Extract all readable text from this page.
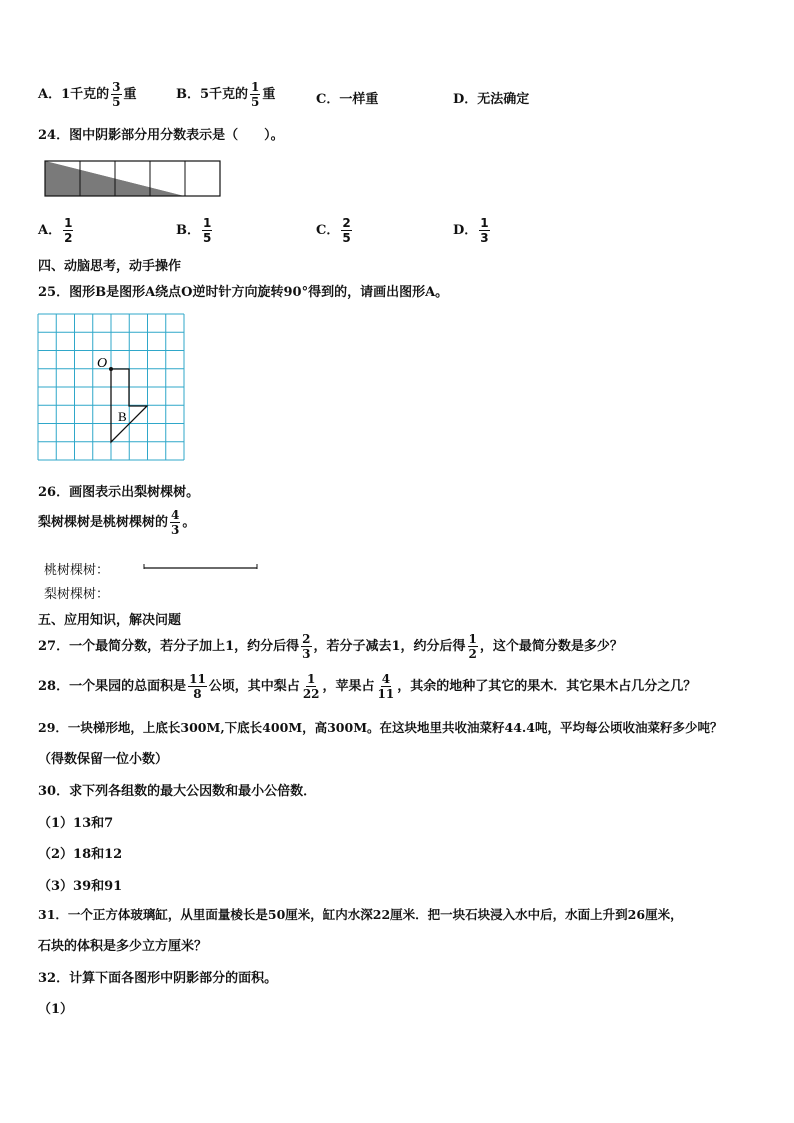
A．1千克的 $\frac{3}{5}$ 重	B．5千克的 $\frac{1}{5}$ 重	C．一样重	D．无法确定
24．图中阴影部分用分数表示是（　　）。
A． $\frac{1}{2}$	B． $\frac{1}{5}$	C． $\frac{2}{5}$	D． $\frac{1}{3}$
四、动脑思考，动手操作
25．图形B是图形A绕点O逆时针方向旋转90°得到的，请画出图形A。
O
B
26．画图表示出梨树棵树。
梨树棵树是桃树棵树的 $\frac{4}{3}$ 。
桃树棵树：
梨树棵树：
五、应用知识，解决问题
27．一个最简分数，若分子加上1，约分后得 $\frac{2}{3}$ ，若分子减去1，约分后得 $\frac{1}{2}$ ，这个最简分数是多少？
28．一个果园的总面积是 $\frac{11}{8}$ 公顷，其中梨占 $\frac{1}{22}$ ，苹果占 $\frac{4}{11}$ ，其余的地种了其它的果木．其它果木占几分之几？
29．一块梯形地，上底长300M,下底长400M，高300M。在这块地里共收油菜籽44.4吨，平均每公顷收油菜籽多少吨？
（得数保留一位小数）
30．求下列各组数的最大公因数和最小公倍数．
（1）13和7
（2）18和12
（3）39和91
31．一个正方体玻璃缸，从里面量棱长是50厘米，缸内水深22厘米．把一块石块浸入水中后，水面上升到26厘米，
石块的体积是多少立方厘米？
32．计算下面各图形中阴影部分的面积。
（1）
